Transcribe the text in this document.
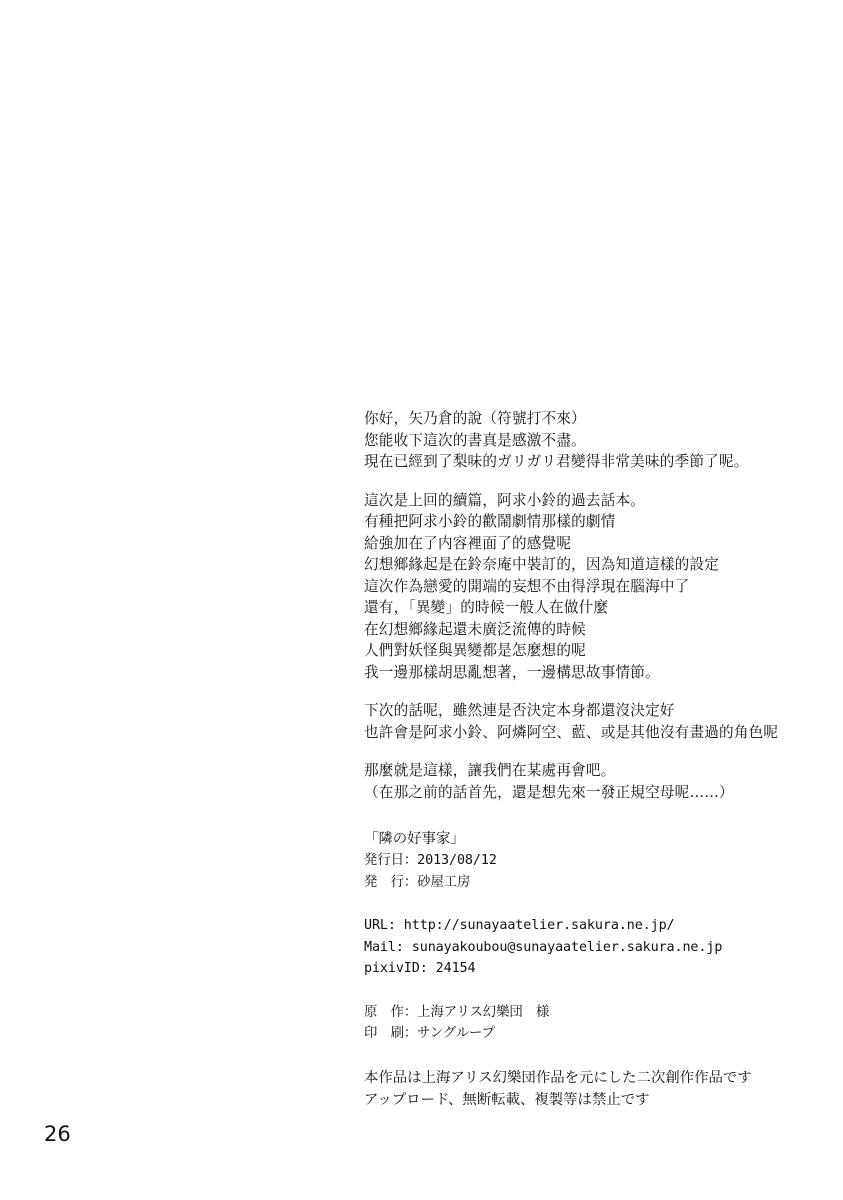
你好，矢乃倉的說（符號打不來）
您能收下這次的書真是感激不盡。
現在已經到了梨味的ガリガリ君變得非常美味的季節了呢。
這次是上回的續篇，阿求小鈴的過去話本。
有種把阿求小鈴的歡鬧劇情那樣的劇情
給強加在了内容裡面了的感覺呢
幻想鄉緣起是在鈴奈庵中裝訂的，因為知道這樣的設定
這次作為戀愛的開端的妄想不由得浮現在腦海中了
還有，「異變」的時候一般人在做什麼
在幻想鄉緣起還未廣泛流傳的時候
人們對妖怪與異變都是怎麼想的呢
我一邊那樣胡思亂想著，一邊構思故事情節。
下次的話呢，雖然連是否決定本身都還沒決定好
也許會是阿求小鈴、阿燐阿空、藍、或是其他沒有畫過的角色呢
那麼就是這樣，讓我們在某處再會吧。
（在那之前的話首先，還是想先來一發正規空母呢……）
「隣の好事家」
発行日：2013/08/12
発　行：砂屋工房
URL: http://sunayaatelier.sakura.ne.jp/
Mail: sunayakoubou@sunayaatelier.sakura.ne.jp
pixivID: 24154
原　作：上海アリス幻樂団　様
印　刷：サングループ
本作品は上海アリス幻樂団作品を元にした二次創作作品です
アップロード、無断転載、複製等は禁止です
26
